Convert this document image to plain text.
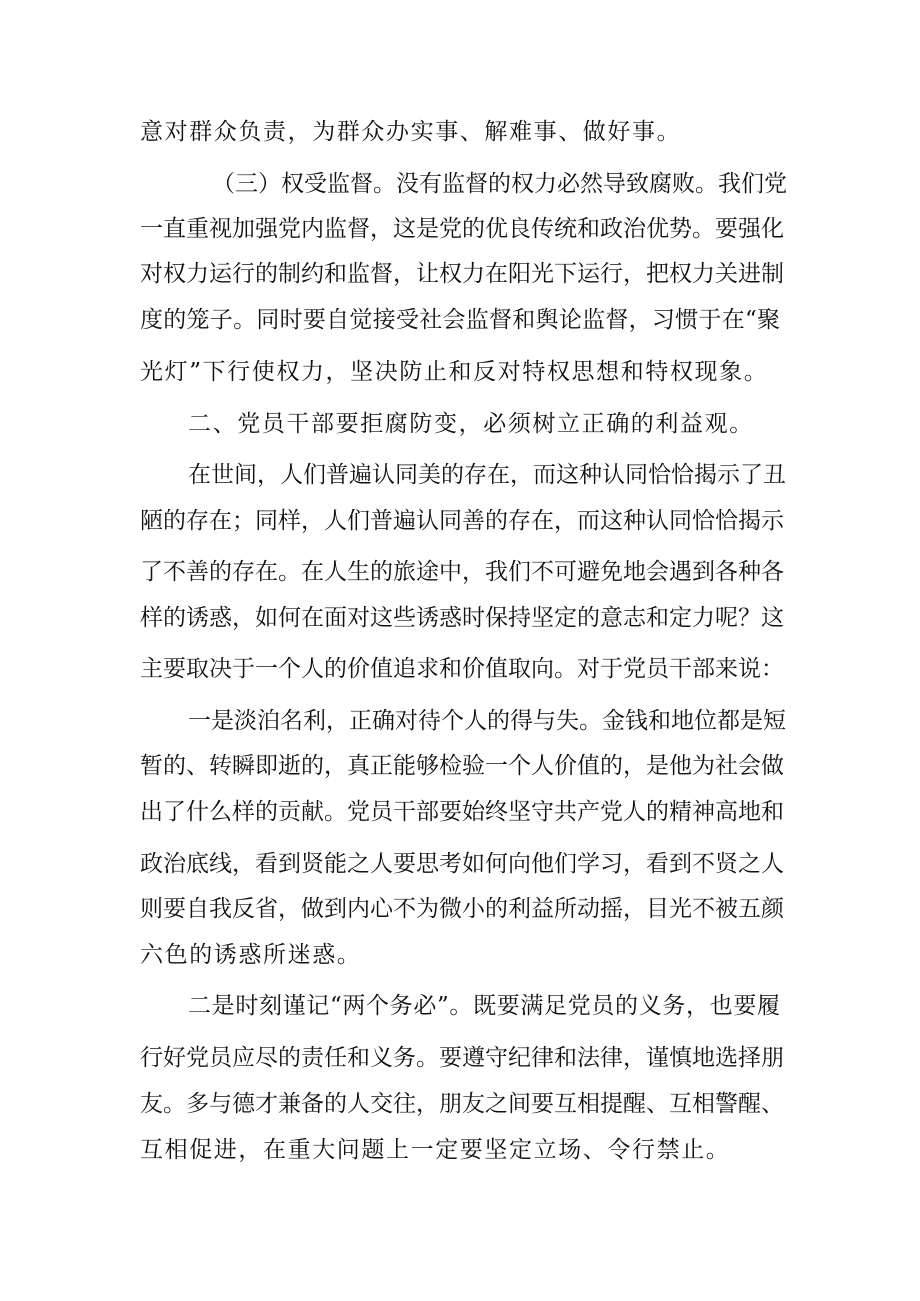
意对群众负责，为群众办实事、解难事、做好事。
（三）权受监督。没有监督的权力必然导致腐败。我们党
一直重视加强党内监督，这是党的优良传统和政治优势。要强化
对权力运行的制约和监督，让权力在阳光下运行，把权力关进制
度的笼子。同时要自觉接受社会监督和舆论监督，习惯于在“聚
光灯”下行使权力，坚决防止和反对特权思想和特权现象。
二、党员干部要拒腐防变，必须树立正确的利益观。
在世间，人们普遍认同美的存在，而这种认同恰恰揭示了丑
陋的存在；同样，人们普遍认同善的存在，而这种认同恰恰揭示
了不善的存在。在人生的旅途中，我们不可避免地会遇到各种各
样的诱惑，如何在面对这些诱惑时保持坚定的意志和定力呢？这
主要取决于一个人的价值追求和价值取向。对于党员干部来说：
一是淡泊名利，正确对待个人的得与失。金钱和地位都是短
暂的、转瞬即逝的，真正能够检验一个人价值的，是他为社会做
出了什么样的贡献。党员干部要始终坚守共产党人的精神高地和
政治底线，看到贤能之人要思考如何向他们学习，看到不贤之人
则要自我反省，做到内心不为微小的利益所动摇，目光不被五颜
六色的诱惑所迷惑。
二是时刻谨记“两个务必”。既要满足党员的义务，也要履
行好党员应尽的责任和义务。要遵守纪律和法律，谨慎地选择朋
友。多与德才兼备的人交往，朋友之间要互相提醒、互相警醒、
互相促进，在重大问题上一定要坚定立场、令行禁止。
